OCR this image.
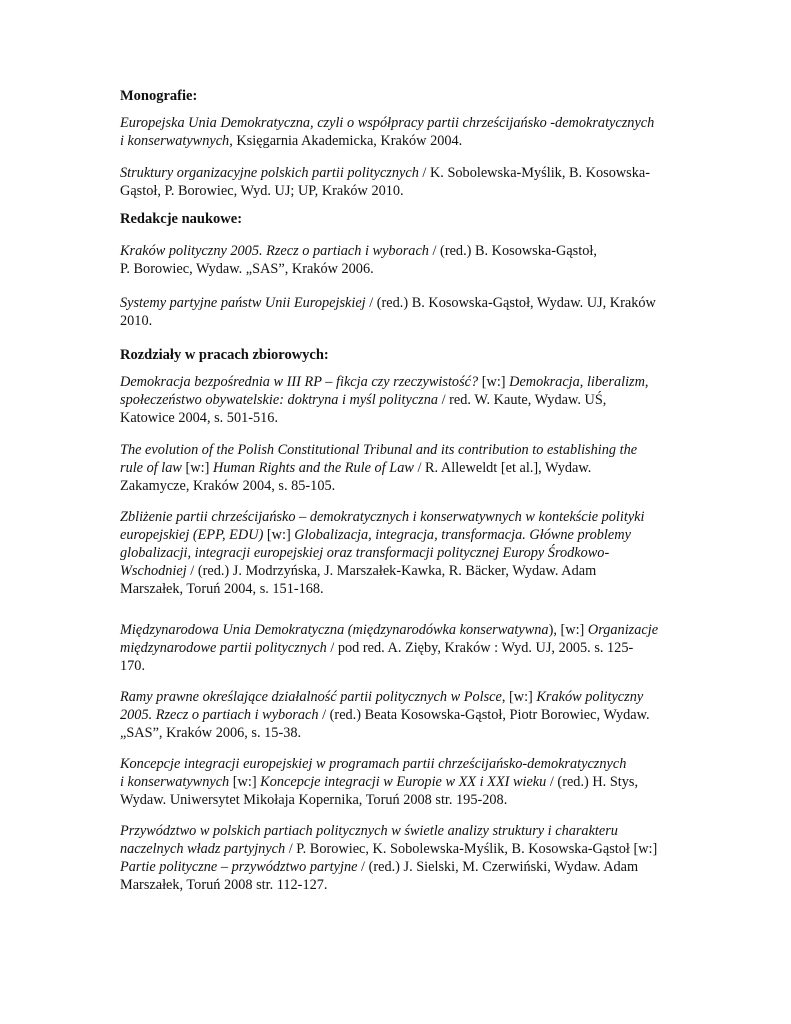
Monografie:
Europejska Unia Demokratyczna, czyli o współpracy partii chrześcijańsko -demokratycznych
i konserwatywnych, Księgarnia Akademicka, Kraków 2004.
Struktury organizacyjne polskich partii politycznych / K. Sobolewska-Myślik, B. Kosowska-
Gąstoł, P. Borowiec, Wyd. UJ; UP, Kraków 2010.
Redakcje naukowe:
Kraków polityczny 2005. Rzecz o partiach i wyborach / (red.) B. Kosowska-Gąstoł,
P. Borowiec, Wydaw. „SAS”, Kraków 2006.
Systemy partyjne państw Unii Europejskiej / (red.) B. Kosowska-Gąstoł, Wydaw. UJ, Kraków
2010.
Rozdziały w pracach zbiorowych:
Demokracja bezpośrednia w III RP – fikcja czy rzeczywistość? [w:] Demokracja, liberalizm,
społeczeństwo obywatelskie: doktryna i myśl polityczna / red. W. Kaute, Wydaw. UŚ,
Katowice 2004, s. 501-516.
The evolution of the Polish Constitutional Tribunal and its contribution to establishing the
rule of law [w:] Human Rights and the Rule of Law / R. Alleweldt [et al.], Wydaw.
Zakamycze, Kraków 2004, s. 85-105.
Zbliżenie partii chrześcijańsko – demokratycznych i konserwatywnych w kontekście polityki
europejskiej (EPP, EDU) [w:] Globalizacja, integracja, transformacja. Główne problemy
globalizacji, integracji europejskiej oraz transformacji politycznej Europy Środkowo-
Wschodniej / (red.) J. Modrzyńska, J. Marszałek-Kawka, R. Bäcker, Wydaw. Adam
Marszałek, Toruń 2004, s. 151-168.
Międzynarodowa Unia Demokratyczna (międzynarodówka konserwatywna), [w:] Organizacje
międzynarodowe partii politycznych / pod red. A. Zięby, Kraków : Wyd. UJ, 2005. s. 125-
170.
Ramy prawne określające działalność partii politycznych w Polsce, [w:] Kraków polityczny
2005. Rzecz o partiach i wyborach / (red.) Beata Kosowska-Gąstoł, Piotr Borowiec, Wydaw.
„SAS”, Kraków 2006, s. 15-38.
Koncepcje integracji europejskiej w programach partii chrześcijańsko-demokratycznych
i konserwatywnych [w:] Koncepcje integracji w Europie w XX i XXI wieku / (red.) H. Stys,
Wydaw. Uniwersytet Mikołaja Kopernika, Toruń 2008 str. 195-208.
Przywództwo w polskich partiach politycznych w świetle analizy struktury i charakteru
naczelnych władz partyjnych / P. Borowiec, K. Sobolewska-Myślik, B. Kosowska-Gąstoł [w:]
Partie polityczne – przywództwo partyjne / (red.) J. Sielski, M. Czerwiński, Wydaw. Adam
Marszałek, Toruń 2008 str. 112-127.
